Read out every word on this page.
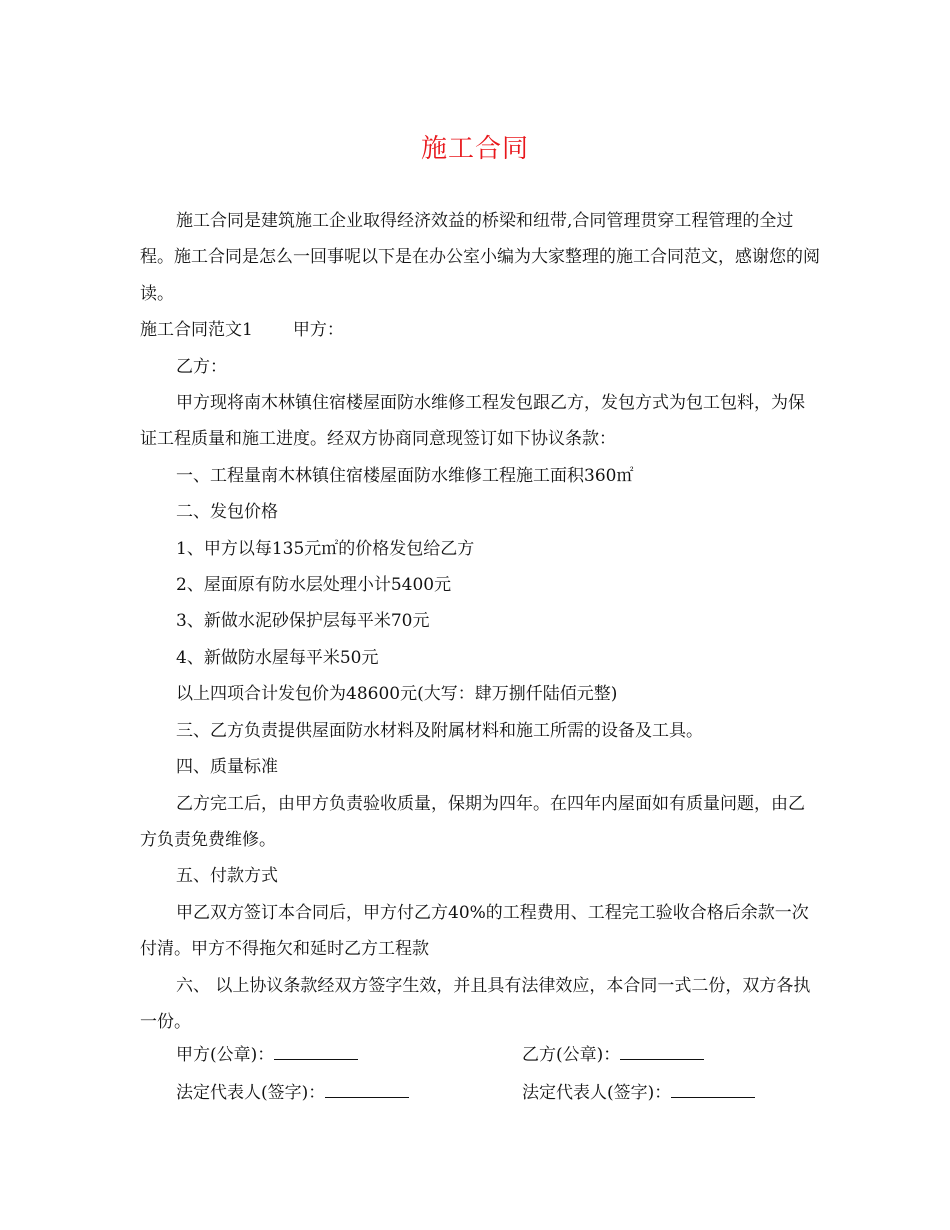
施工合同

施工合同是建筑施工企业取得经济效益的桥梁和纽带,合同管理贯穿工程管理的全过程。施工合同是怎么一回事呢以下是在办公室小编为大家整理的施工合同范文，感谢您的阅读。

施工合同范文1 甲方：

乙方：

甲方现将南木林镇住宿楼屋面防水维修工程发包跟乙方，发包方式为包工包料，为保证工程质量和施工进度。经双方协商同意现签订如下协议条款：

一、工程量南木林镇住宿楼屋面防水维修工程施工面积360㎡

二、发包价格

1、甲方以每135元㎡的价格发包给乙方

2、屋面原有防水层处理小计5400元

3、新做水泥砂保护层每平米70元

4、新做防水屋每平米50元

以上四项合计发包价为48600元(大写：肆万捌仟陆佰元整)

三、乙方负责提供屋面防水材料及附属材料和施工所需的设备及工具。

四、质量标准

乙方完工后，由甲方负责验收质量，保期为四年。在四年内屋面如有质量问题，由乙方负责免费维修。

五、付款方式

甲乙双方签订本合同后，甲方付乙方40%的工程费用、工程完工验收合格后余款一次付清。甲方不得拖欠和延时乙方工程款

六、 以上协议条款经双方签字生效，并且具有法律效应，本合同一式二份，双方各执一份。

甲方(公章)：	乙方(公章)：
法定代表人(签字)：	法定代表人(签字)：
